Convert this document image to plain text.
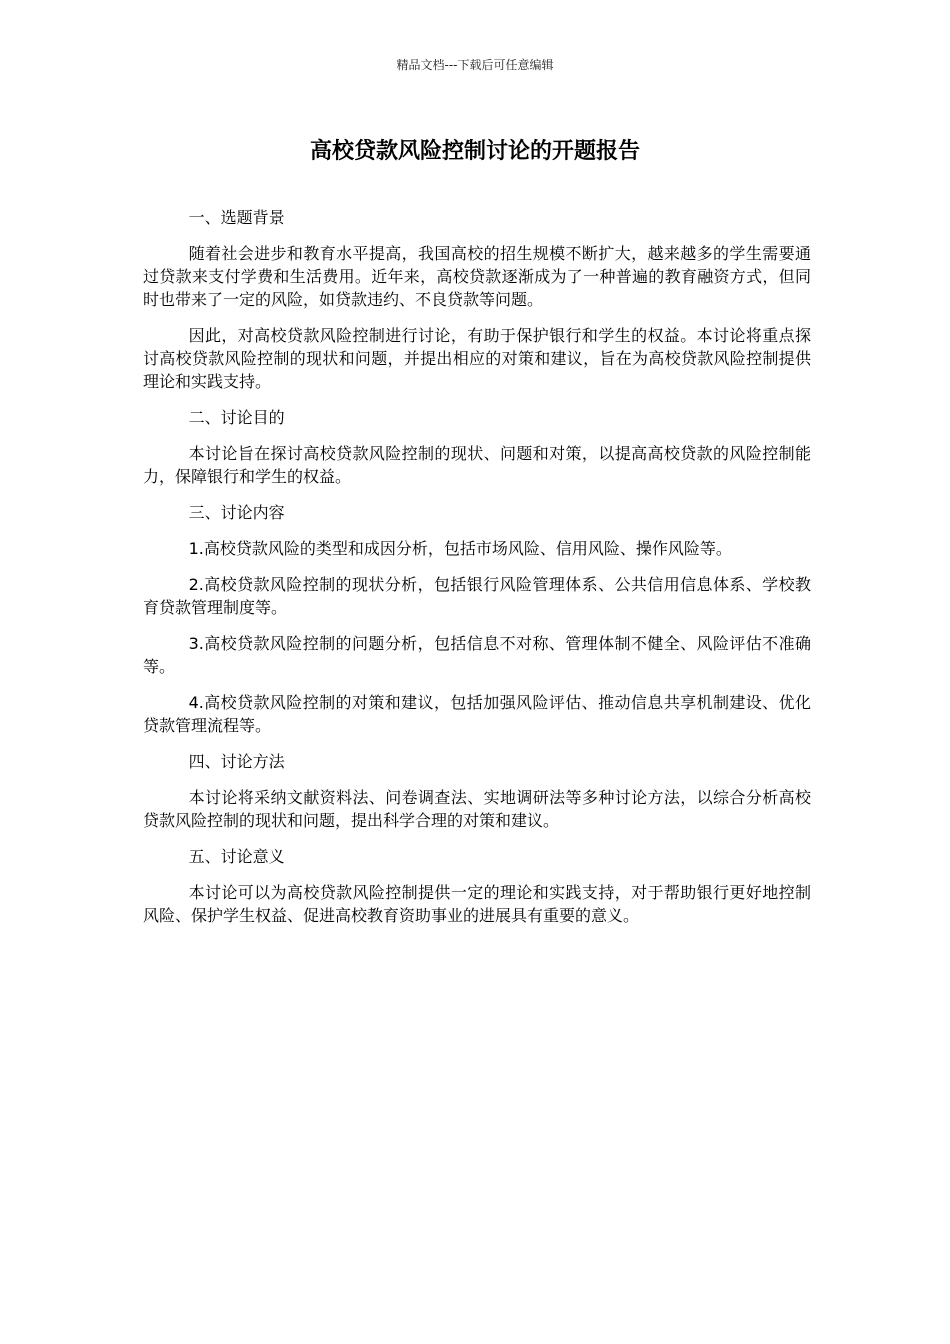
精品文档---下载后可任意编辑
高校贷款风险控制讨论的开题报告

一、选题背景

随着社会进步和教育水平提高，我国高校的招生规模不断扩大，越来越多的学生需要通过贷款来支付学费和生活费用。近年来，高校贷款逐渐成为了一种普遍的教育融资方式，但同时也带来了一定的风险，如贷款违约、不良贷款等问题。

因此，对高校贷款风险控制进行讨论，有助于保护银行和学生的权益。本讨论将重点探讨高校贷款风险控制的现状和问题，并提出相应的对策和建议，旨在为高校贷款风险控制提供理论和实践支持。

二、讨论目的

本讨论旨在探讨高校贷款风险控制的现状、问题和对策，以提高高校贷款的风险控制能力，保障银行和学生的权益。

三、讨论内容

1.高校贷款风险的类型和成因分析，包括市场风险、信用风险、操作风险等。

2.高校贷款风险控制的现状分析，包括银行风险管理体系、公共信用信息体系、学校教育贷款管理制度等。

3.高校贷款风险控制的问题分析，包括信息不对称、管理体制不健全、风险评估不准确等。

4.高校贷款风险控制的对策和建议，包括加强风险评估、推动信息共享机制建设、优化贷款管理流程等。

四、讨论方法

本讨论将采纳文献资料法、问卷调查法、实地调研法等多种讨论方法，以综合分析高校贷款风险控制的现状和问题，提出科学合理的对策和建议。

五、讨论意义

本讨论可以为高校贷款风险控制提供一定的理论和实践支持，对于帮助银行更好地控制风险、保护学生权益、促进高校教育资助事业的进展具有重要的意义。
